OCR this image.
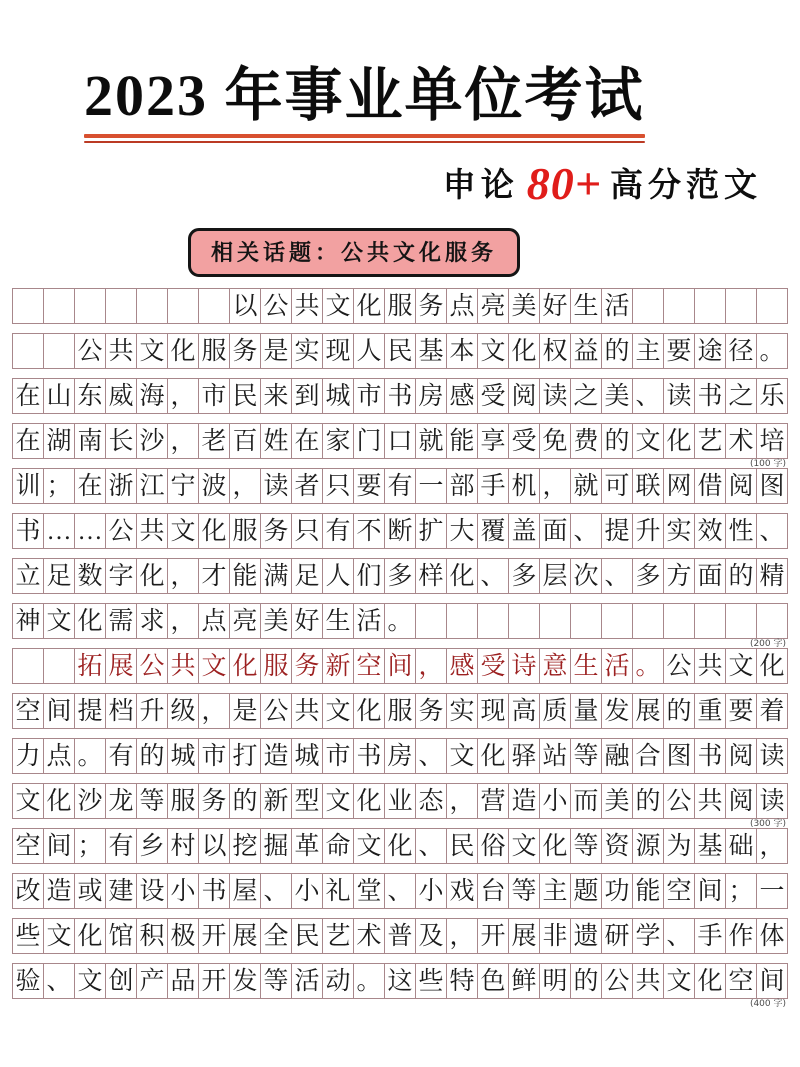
2023 年事业单位考试
申论 80+ 高分范文
相关话题：公共文化服务
以 公 共 文 化 服 务 点 亮 美 好 生 活
公 共 文 化 服 务 是 实 现 人 民 基 本 文 化 权 益 的 主 要 途 径 。
在 山 东 威 海 ， 市 民 来 到 城 市 书 房 感 受 阅 读 之 美 、 读 书 之 乐
在 湖 南 长 沙 ， 老 百 姓 在 家 门 口 就 能 享 受 免 费 的 文 化 艺 术 培
(100 字)
训 ； 在 浙 江 宁 波 ， 读 者 只 要 有 一 部 手 机 ， 就 可 联 网 借 阅 图
书 … … 公 共 文 化 服 务 只 有 不 断 扩 大 覆 盖 面 、 提 升 实 效 性 、
立 足 数 字 化 ， 才 能 满 足 人 们 多 样 化 、 多 层 次 、 多 方 面 的 精
神 文 化 需 求 ， 点 亮 美 好 生 活 。
(200 字)
拓 展 公 共 文 化 服 务 新 空 间 ， 感 受 诗 意 生 活 。 公 共 文 化
空 间 提 档 升 级 ， 是 公 共 文 化 服 务 实 现 高 质 量 发 展 的 重 要 着
力 点 。 有 的 城 市 打 造 城 市 书 房 、 文 化 驿 站 等 融 合 图 书 阅 读
文 化 沙 龙 等 服 务 的 新 型 文 化 业 态 ， 营 造 小 而 美 的 公 共 阅 读
(300 字)
空 间 ； 有 乡 村 以 挖 掘 革 命 文 化 、 民 俗 文 化 等 资 源 为 基 础 ，
改 造 或 建 设 小 书 屋 、 小 礼 堂 、 小 戏 台 等 主 题 功 能 空 间 ； 一
些 文 化 馆 积 极 开 展 全 民 艺 术 普 及 ， 开 展 非 遗 研 学 、 手 作 体
验 、 文 创 产 品 开 发 等 活 动 。 这 些 特 色 鲜 明 的 公 共 文 化 空 间
(400 字)
